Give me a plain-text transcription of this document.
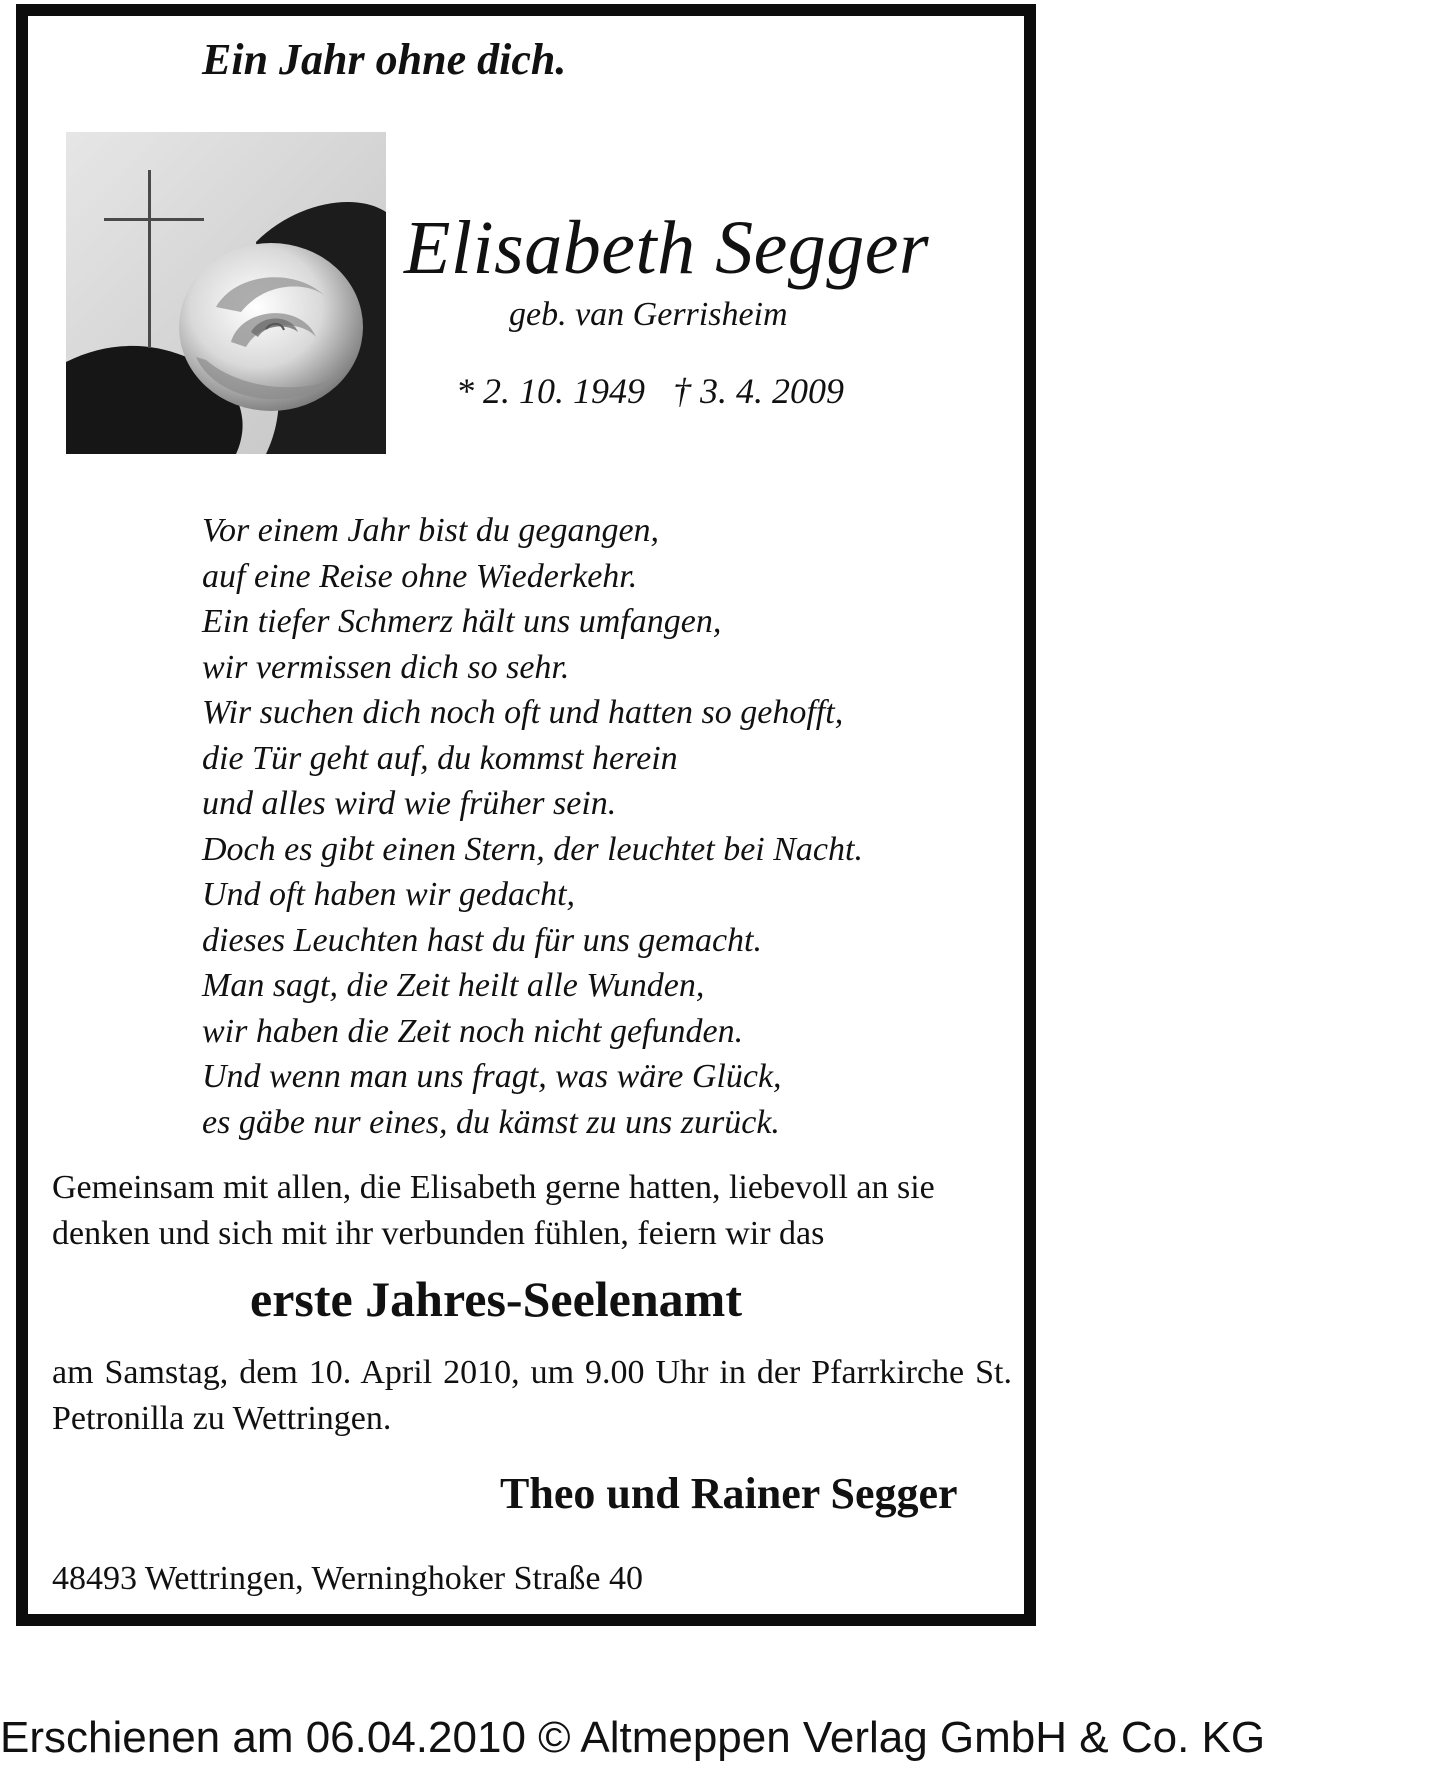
Ein Jahr ohne dich.
Elisabeth Segger
geb. van Gerrisheim
* 2. 10. 1949 † 3. 4. 2009
Vor einem Jahr bist du gegangen,
auf eine Reise ohne Wiederkehr.
Ein tiefer Schmerz hält uns umfangen,
wir vermissen dich so sehr.
Wir suchen dich noch oft und hatten so gehofft,
die Tür geht auf, du kommst herein
und alles wird wie früher sein.
Doch es gibt einen Stern, der leuchtet bei Nacht.
Und oft haben wir gedacht,
dieses Leuchten hast du für uns gemacht.
Man sagt, die Zeit heilt alle Wunden,
wir haben die Zeit noch nicht gefunden.
Und wenn man uns fragt, was wäre Glück,
es gäbe nur eines, du kämst zu uns zurück.
Gemeinsam mit allen, die Elisabeth gerne hatten, liebevoll an sie denken und sich mit ihr verbunden fühlen, feiern wir das
erste Jahres-Seelenamt
am Samstag, dem 10. April 2010, um 9.00 Uhr in der Pfarrkirche St. Petronilla zu Wettringen.
Theo und Rainer Segger
48493 Wettringen, Werninghoker Straße 40
Erschienen am 06.04.2010 © Altmeppen Verlag GmbH & Co. KG
